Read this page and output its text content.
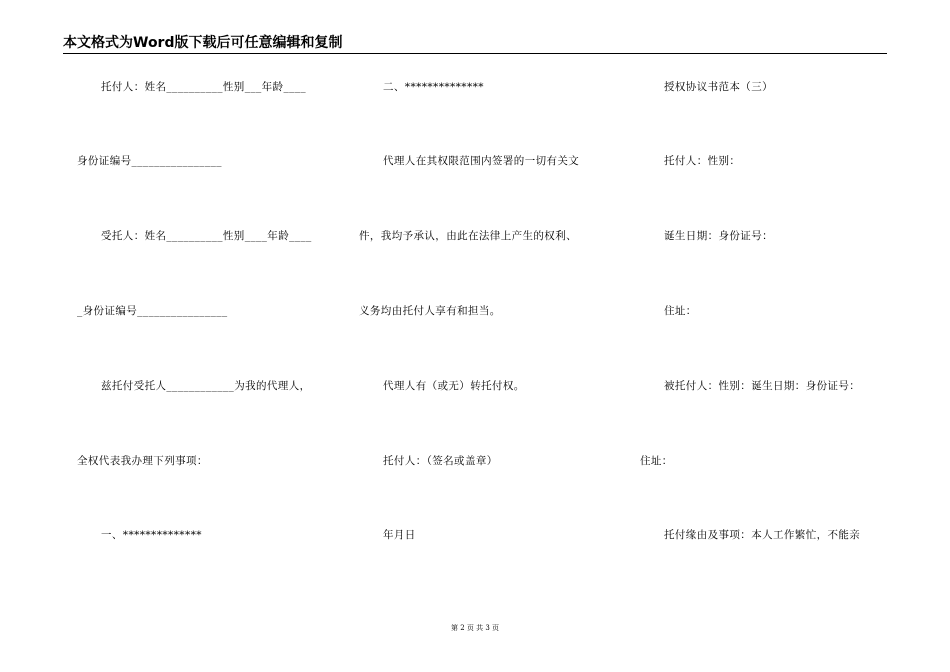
本文格式为Word版下载后可任意编辑和复制
托付人：姓名__________性别___年龄____
身份证编号________________
受托人：姓名__________性别____年龄____
_身份证编号________________
兹托付受托人____________为我的代理人，
全权代表我办理下列事项：
一、**************
二、**************
代理人在其权限范围内签署的一切有关文
件，我均予承认，由此在法律上产生的权利、
义务均由托付人享有和担当。
代理人有（或无）转托付权。
托付人：（签名或盖章）
年月日
授权协议书范本（三）
托付人：性别：
诞生日期：身份证号：
住址：
被托付人：性别：诞生日期：身份证号：
住址：
托付缘由及事项：本人工作繁忙，不能亲
第 2 页 共 3 页
